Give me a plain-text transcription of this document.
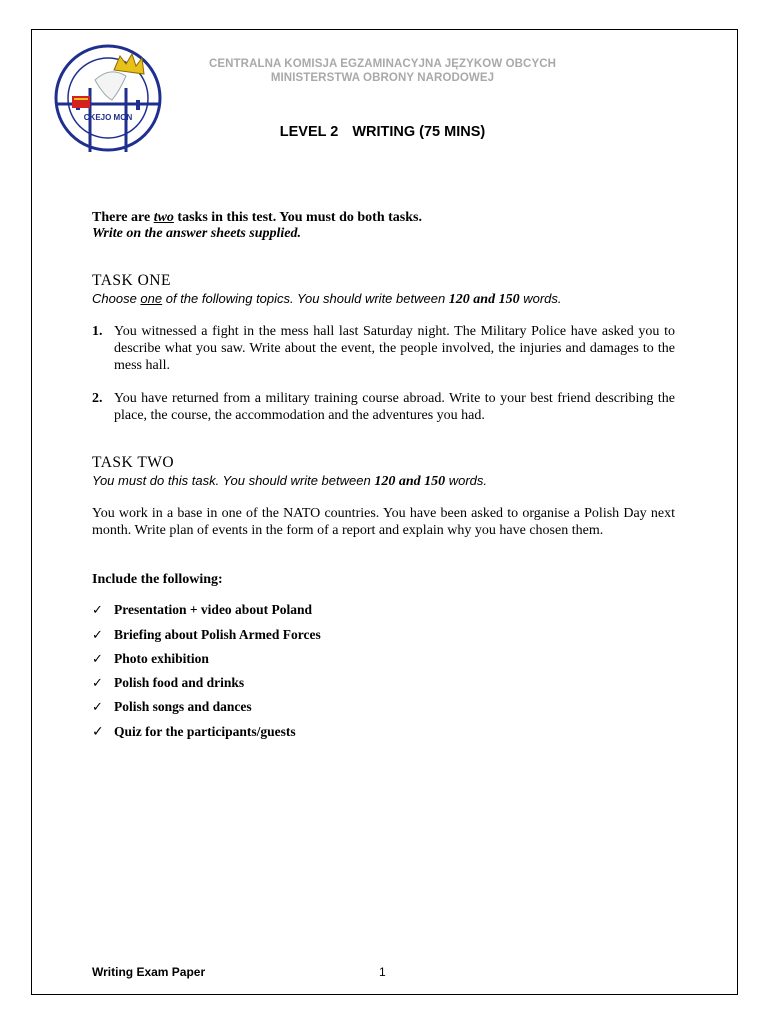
CKEJO MON
CENTRALNA KOMISJA EGZAMINACYJNA JĘZYKOW OBCYCH
MINISTERSTWA OBRONY NARODOWEJ
LEVEL 2 WRITING (75 MINS)
There are two tasks in this test. You must do both tasks.
Write on the answer sheets supplied.
TASK ONE
Choose one of the following topics. You should write between 120 and 150 words.
1. You witnessed a fight in the mess hall last Saturday night. The Military Police have asked you to describe what you saw. Write about the event, the people involved, the injuries and damages to the mess hall.
2. You have returned from a military training course abroad. Write to your best friend describing the place, the course, the accommodation and the adventures you had.
TASK TWO
You must do this task. You should write between 120 and 150 words.
You work in a base in one of the NATO countries. You have been asked to organise a Polish Day next month. Write plan of events in the form of a report and explain why you have chosen them.
Include the following:
✓ Presentation + video about Poland
✓ Briefing about Polish Armed Forces
✓ Photo exhibition
✓ Polish food and drinks
✓ Polish songs and dances
✓ Quiz for the participants/guests
Writing Exam Paper	1
